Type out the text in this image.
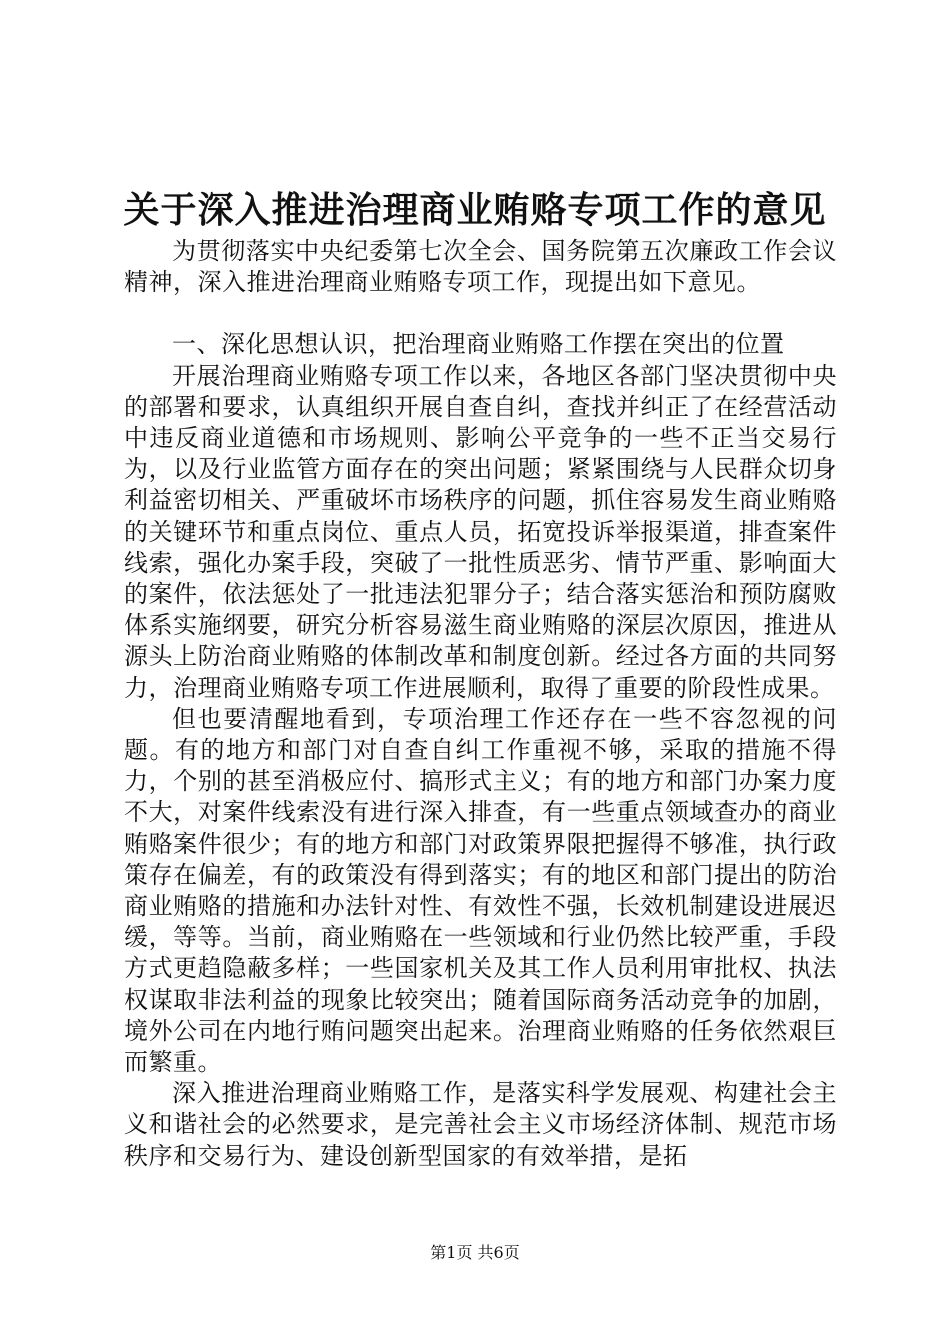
关于深入推进治理商业贿赂专项工作的意见

为贯彻落实中央纪委第七次全会、国务院第五次廉政工作会议精神，深入推进治理商业贿赂专项工作，现提出如下意见。

一、深化思想认识，把治理商业贿赂工作摆在突出的位置

开展治理商业贿赂专项工作以来，各地区各部门坚决贯彻中央的部署和要求，认真组织开展自查自纠，查找并纠正了在经营活动中违反商业道德和市场规则、影响公平竞争的一些不正当交易行为，以及行业监管方面存在的突出问题；紧紧围绕与人民群众切身利益密切相关、严重破坏市场秩序的问题，抓住容易发生商业贿赂的关键环节和重点岗位、重点人员，拓宽投诉举报渠道，排查案件线索，强化办案手段，突破了一批性质恶劣、情节严重、影响面大的案件，依法惩处了一批违法犯罪分子；结合落实惩治和预防腐败体系实施纲要，研究分析容易滋生商业贿赂的深层次原因，推进从源头上防治商业贿赂的体制改革和制度创新。经过各方面的共同努力，治理商业贿赂专项工作进展顺利，取得了重要的阶段性成果。

但也要清醒地看到，专项治理工作还存在一些不容忽视的问题。有的地方和部门对自查自纠工作重视不够，采取的措施不得力，个别的甚至消极应付、搞形式主义；有的地方和部门办案力度不大，对案件线索没有进行深入排查，有一些重点领域查办的商业贿赂案件很少；有的地方和部门对政策界限把握得不够准，执行政策存在偏差，有的政策没有得到落实；有的地区和部门提出的防治商业贿赂的措施和办法针对性、有效性不强，长效机制建设进展迟缓，等等。当前，商业贿赂在一些领域和行业仍然比较严重，手段方式更趋隐蔽多样；一些国家机关及其工作人员利用审批权、执法权谋取非法利益的现象比较突出；随着国际商务活动竞争的加剧，境外公司在内地行贿问题突出起来。治理商业贿赂的任务依然艰巨而繁重。

深入推进治理商业贿赂工作，是落实科学发展观、构建社会主义和谐社会的必然要求，是完善社会主义市场经济体制、规范市场秩序和交易行为、建设创新型国家的有效举措，是拓

第1页 共6页
